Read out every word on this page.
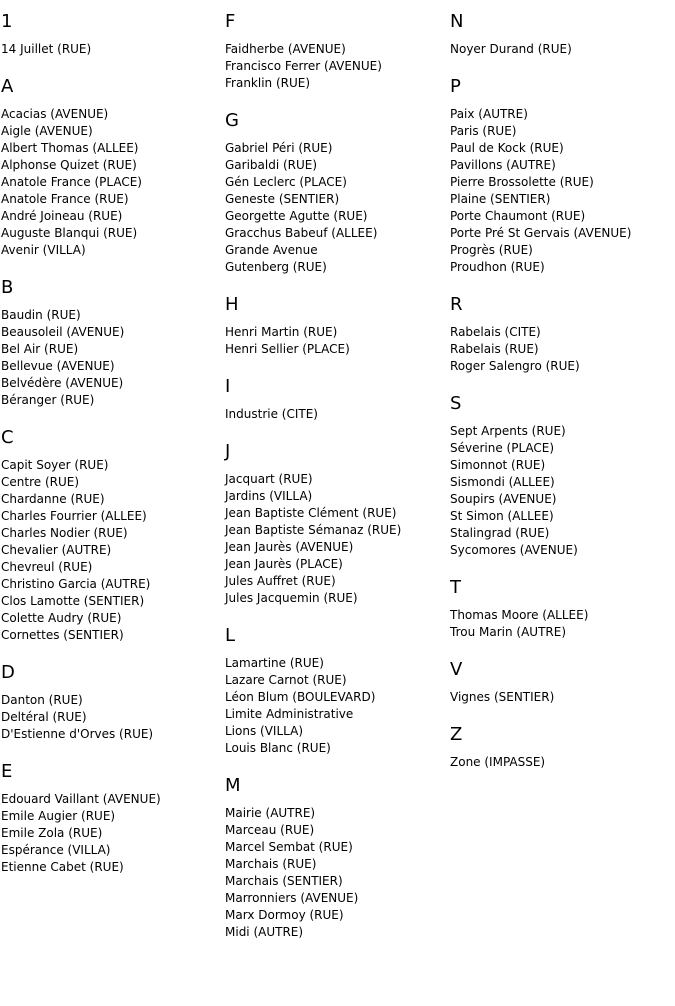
1
14 Juillet (RUE)
A
Acacias (AVENUE)
Aigle (AVENUE)
Albert Thomas (ALLEE)
Alphonse Quizet (RUE)
Anatole France (PLACE)
Anatole France (RUE)
André Joineau (RUE)
Auguste Blanqui (RUE)
Avenir (VILLA)
B
Baudin (RUE)
Beausoleil (AVENUE)
Bel Air (RUE)
Bellevue (AVENUE)
Belvédère (AVENUE)
Béranger (RUE)
C
Capit Soyer (RUE)
Centre (RUE)
Chardanne (RUE)
Charles Fourrier (ALLEE)
Charles Nodier (RUE)
Chevalier (AUTRE)
Chevreul (RUE)
Christino Garcia (AUTRE)
Clos Lamotte (SENTIER)
Colette Audry (RUE)
Cornettes (SENTIER)
D
Danton (RUE)
Deltéral (RUE)
D'Estienne d'Orves (RUE)
E
Edouard Vaillant (AVENUE)
Emile Augier (RUE)
Emile Zola (RUE)
Espérance (VILLA)
Etienne Cabet (RUE)
F
Faidherbe (AVENUE)
Francisco Ferrer (AVENUE)
Franklin (RUE)
G
Gabriel Péri (RUE)
Garibaldi (RUE)
Gén Leclerc (PLACE)
Geneste (SENTIER)
Georgette Agutte (RUE)
Gracchus Babeuf (ALLEE)
Grande Avenue
Gutenberg (RUE)
H
Henri Martin (RUE)
Henri Sellier (PLACE)
I
Industrie (CITE)
J
Jacquart (RUE)
Jardins (VILLA)
Jean Baptiste Clément (RUE)
Jean Baptiste Sémanaz (RUE)
Jean Jaurès (AVENUE)
Jean Jaurès (PLACE)
Jules Auffret (RUE)
Jules Jacquemin (RUE)
L
Lamartine (RUE)
Lazare Carnot (RUE)
Léon Blum (BOULEVARD)
Limite Administrative
Lions (VILLA)
Louis Blanc (RUE)
M
Mairie (AUTRE)
Marceau (RUE)
Marcel Sembat (RUE)
Marchais (RUE)
Marchais (SENTIER)
Marronniers (AVENUE)
Marx Dormoy (RUE)
Midi (AUTRE)
N
Noyer Durand (RUE)
P
Paix (AUTRE)
Paris (RUE)
Paul de Kock (RUE)
Pavillons (AUTRE)
Pierre Brossolette (RUE)
Plaine (SENTIER)
Porte Chaumont (RUE)
Porte Pré St Gervais (AVENUE)
Progrès (RUE)
Proudhon (RUE)
R
Rabelais (CITE)
Rabelais (RUE)
Roger Salengro (RUE)
S
Sept Arpents (RUE)
Séverine (PLACE)
Simonnot (RUE)
Sismondi (ALLEE)
Soupirs (AVENUE)
St Simon (ALLEE)
Stalingrad (RUE)
Sycomores (AVENUE)
T
Thomas Moore (ALLEE)
Trou Marin (AUTRE)
V
Vignes (SENTIER)
Z
Zone (IMPASSE)
